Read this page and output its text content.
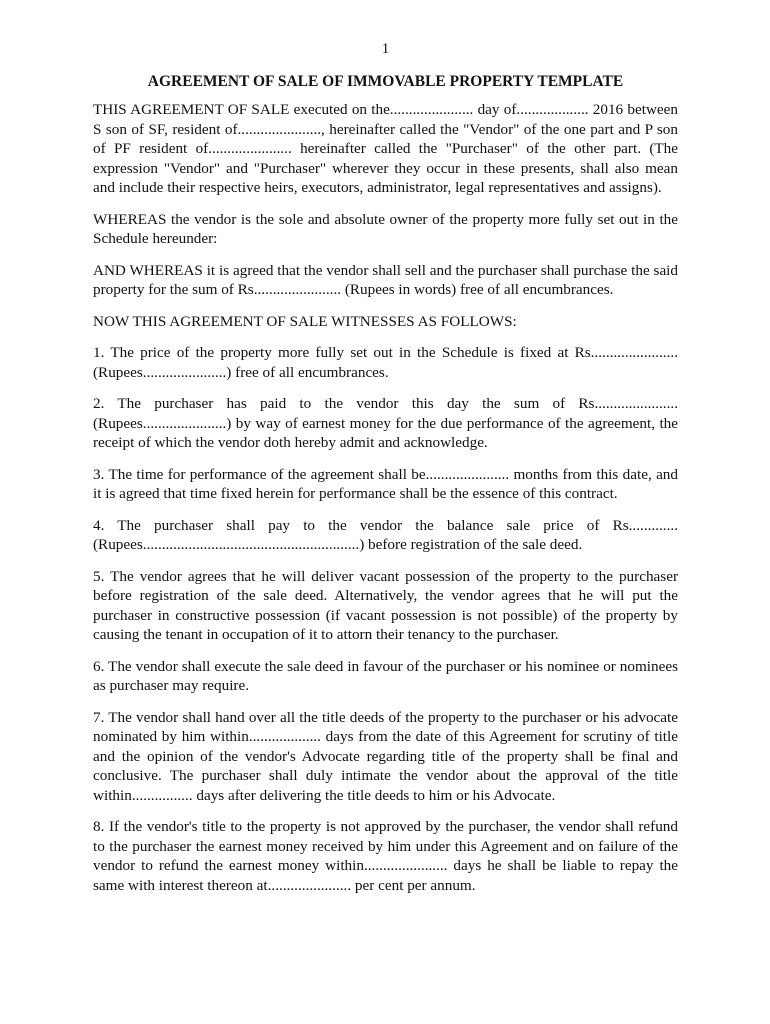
1
AGREEMENT OF SALE OF IMMOVABLE PROPERTY TEMPLATE

THIS AGREEMENT OF SALE executed on the...................... day of................... 2016 between S son of SF, resident of......................, hereinafter called the "Vendor" of the one part and P son of PF resident of...................... hereinafter called the "Purchaser" of the other part. (The expression "Vendor" and "Purchaser" wherever they occur in these presents, shall also mean and include their respective heirs, executors, administrator, legal representatives and assigns).

WHEREAS the vendor is the sole and absolute owner of the property more fully set out in the Schedule hereunder:

AND WHEREAS it is agreed that the vendor shall sell and the purchaser shall purchase the said property for the sum of Rs....................... (Rupees in words) free of all encumbrances.

NOW THIS AGREEMENT OF SALE WITNESSES AS FOLLOWS:

1. The price of the property more fully set out in the Schedule is fixed at Rs.......................(Rupees......................) free of all encumbrances.

2. The purchaser has paid to the vendor this day the sum of Rs......................(Rupees......................) by way of earnest money for the due performance of the agreement, the receipt of which the vendor doth hereby admit and acknowledge.

3. The time for performance of the agreement shall be...................... months from this date, and it is agreed that time fixed herein for performance shall be the essence of this contract.

4. The purchaser shall pay to the vendor the balance sale price of Rs............. (Rupees.........................................................) before registration of the sale deed.

5. The vendor agrees that he will deliver vacant possession of the property to the purchaser before registration of the sale deed. Alternatively, the vendor agrees that he will put the purchaser in constructive possession (if vacant possession is not possible) of the property by causing the tenant in occupation of it to attorn their tenancy to the purchaser.

6. The vendor shall execute the sale deed in favour of the purchaser or his nominee or nominees as purchaser may require.

7. The vendor shall hand over all the title deeds of the property to the purchaser or his advocate nominated by him within................... days from the date of this Agreement for scrutiny of title and the opinion of the vendor's Advocate regarding title of the property shall be final and conclusive. The purchaser shall duly intimate the vendor about the approval of the title within................ days after delivering the title deeds to him or his Advocate.

8. If the vendor's title to the property is not approved by the purchaser, the vendor shall refund to the purchaser the earnest money received by him under this Agreement and on failure of the vendor to refund the earnest money within...................... days he shall be liable to repay the same with interest thereon at...................... per cent per annum.
